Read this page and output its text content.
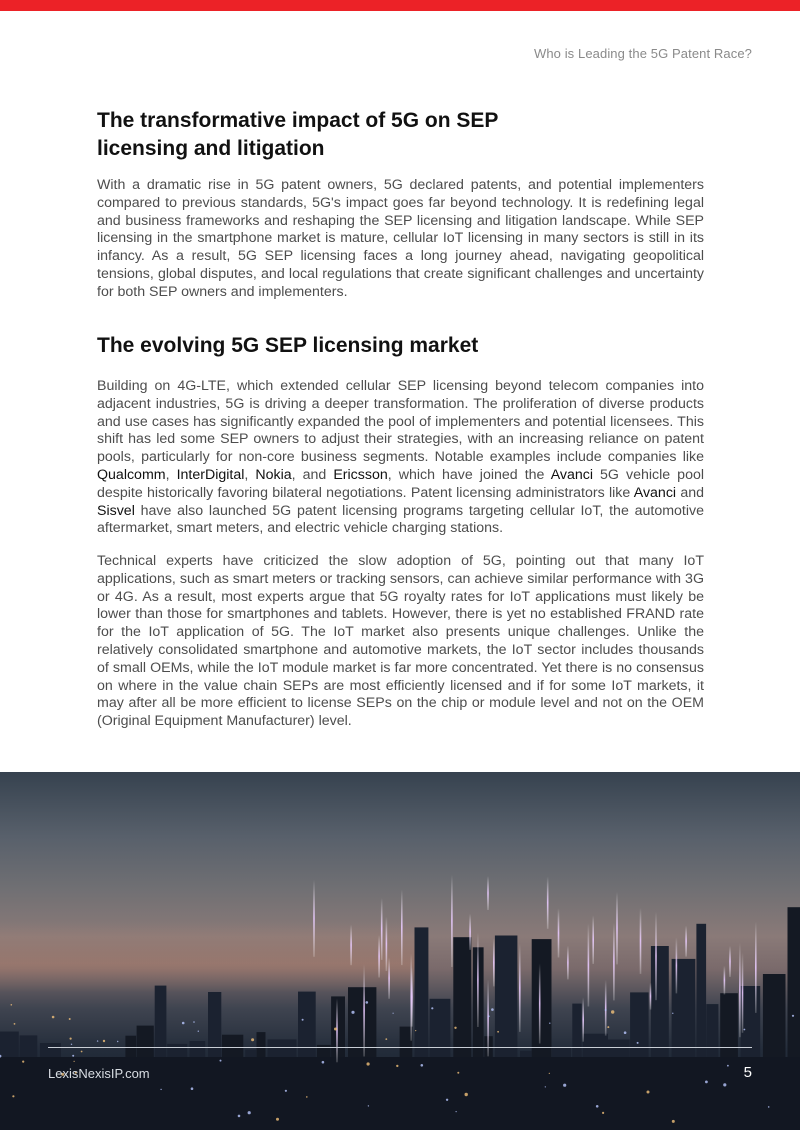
Who is Leading the 5G Patent Race?
The transformative impact of 5G on SEP
licensing and litigation

With a dramatic rise in 5G patent owners, 5G declared patents, and potential implementers compared to previous standards, 5G's impact goes far beyond technology. It is redefining legal and business frameworks and reshaping the SEP licensing and litigation landscape. While SEP licensing in the smartphone market is mature, cellular IoT licensing in many sectors is still in its infancy. As a result, 5G SEP licensing faces a long journey ahead, navigating geopolitical tensions, global disputes, and local regulations that create significant challenges and uncertainty for both SEP owners and implementers.

The evolving 5G SEP licensing market

Building on 4G-LTE, which extended cellular SEP licensing beyond telecom companies into adjacent industries, 5G is driving a deeper transformation. The proliferation of diverse products and use cases has significantly expanded the pool of implementers and potential licensees. This shift has led some SEP owners to adjust their strategies, with an increasing reliance on patent pools, particularly for non-core business segments. Notable examples include companies like Qualcomm, InterDigital, Nokia, and Ericsson, which have joined the Avanci 5G vehicle pool despite historically favoring bilateral negotiations. Patent licensing administrators like Avanci and Sisvel have also launched 5G patent licensing programs targeting cellular IoT, the automotive aftermarket, smart meters, and electric vehicle charging stations.

Technical experts have criticized the slow adoption of 5G, pointing out that many IoT applications, such as smart meters or tracking sensors, can achieve similar performance with 3G or 4G. As a result, most experts argue that 5G royalty rates for IoT applications must likely be lower than those for smartphones and tablets. However, there is yet no established FRAND rate for the IoT application of 5G. The IoT market also presents unique challenges. Unlike the relatively consolidated smartphone and automotive markets, the IoT sector includes thousands of small OEMs, while the IoT module market is far more concentrated. Yet there is no consensus on where in the value chain SEPs are most efficiently licensed and if for some IoT markets, it may after all be more efficient to license SEPs on the chip or module level and not on the OEM (Original Equipment Manufacturer) level.

LexisNexisIP.com	5
